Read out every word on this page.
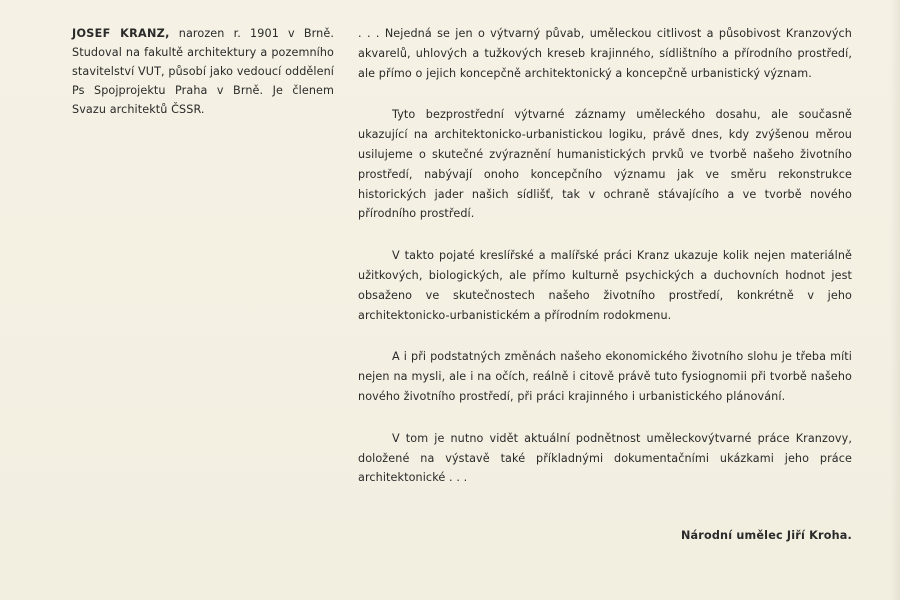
JOSEF KRANZ, narozen r. 1901 v Brně. Studoval na fakultě architektury a pozemního stavitelství VUT, působí jako vedoucí oddělení Ps Spojprojektu Praha v Brně. Je členem Svazu architektů ČSSR.

. . . Nejedná se jen o výtvarný půvab, uměleckou citlivost a působivost Kranzových akvarelů, uhlových a tužkových kreseb krajinného, sídlištního a přírodního prostředí, ale přímo o jejich koncepčně architektonický a koncepčně urbanistický význam.

Tyto bezprostřední výtvarné záznamy uměleckého dosahu, ale současně ukazující na architektonicko-urbanistickou logiku, právě dnes, kdy zvýšenou měrou usilujeme o skutečné zvýraznění humanistických prvků ve tvorbě našeho životního prostředí, nabývají onoho koncepčního významu jak ve směru rekonstrukce historických jader našich sídlišť, tak v ochraně stávajícího a ve tvorbě nového přírodního prostředí.

V takto pojaté kreslířské a malířské práci Kranz ukazuje kolik nejen materiálně užitkových, biologických, ale přímo kulturně psychických a duchovních hodnot jest obsaženo ve skutečnostech našeho životního prostředí, konkrétně v jeho architektonicko-urbanistickém a přírodním rodokmenu.

A i při podstatných změnách našeho ekonomického životního slohu je třeba míti nejen na mysli, ale i na očích, reálně i citově právě tuto fysiognomii při tvorbě našeho nového životního prostředí, při práci krajinného i urbanistického plánování.

V tom je nutno vidět aktuální podnětnost uměleckovýtvarné práce Kranzovy, doložené na výstavě také příkladnými dokumentačními ukázkami jeho práce architektonické . . .

Národní umělec Jiří Kroha.
